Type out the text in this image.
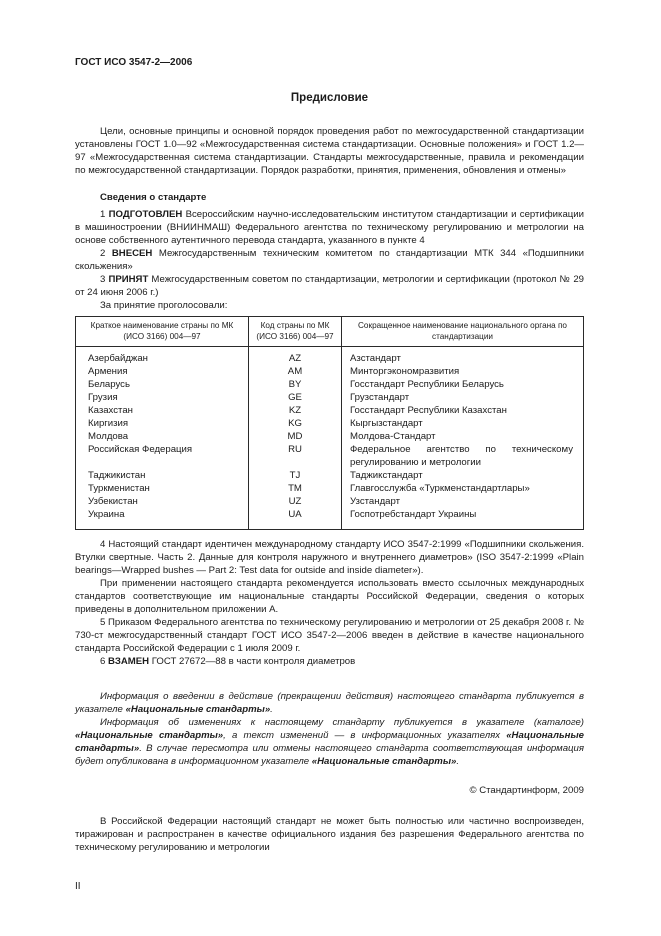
ГОСТ ИСО 3547-2—2006
Предисловие

Цели, основные принципы и основной порядок проведения работ по межгосударственной стандартизации установлены ГОСТ 1.0—92 «Межгосударственная система стандартизации. Основные положения» и ГОСТ 1.2—97 «Межгосударственная система стандартизации. Стандарты межгосударственные, правила и рекомендации по межгосударственной стандартизации. Порядок разработки, принятия, применения, обновления и отмены»

Сведения о стандарте

1 ПОДГОТОВЛЕН Всероссийским научно-исследовательским институтом стандартизации и сертификации в машиностроении (ВНИИНМАШ) Федерального агентства по техническому регулированию и метрологии на основе собственного аутентичного перевода стандарта, указанного в пункте 4

2 ВНЕСЕН Межгосударственным техническим комитетом по стандартизации МТК 344 «Подшипники скольжения»

3 ПРИНЯТ Межгосударственным советом по стандартизации, метрологии и сертификации (протокол № 29 от 24 июня 2006 г.)

За принятие проголосовали:

Краткое наименование страны по МК (ИСО 3166) 004—97	Код страны по МК (ИСО 3166) 004—97	Сокращенное наименование национального органа по стандартизации
Азербайджан	AZ	Азстандарт
Армения	AM	Минторгэкономразвития
Беларусь	BY	Госстандарт Республики Беларусь
Грузия	GE	Грузстандарт
Казахстан	KZ	Госстандарт Республики Казахстан
Киргизия	KG	Кыргызстандарт
Молдова	MD	Молдова-Стандарт
Российская Федерация	RU	Федеральное агентство по техническому регулированию и метрологии
Таджикистан	TJ	Таджикстандарт
Туркменистан	TM	Главгосслужба «Туркменстандартлары»
Узбекистан	UZ	Узстандарт
Украина	UA	Госпотребстандарт Украины

4 Настоящий стандарт идентичен международному стандарту ИСО 3547-2:1999 «Подшипники скольжения. Втулки свертные. Часть 2. Данные для контроля наружного и внутреннего диаметров» (ISO 3547-2:1999 «Plain bearings—Wrapped bushes — Part 2: Test data for outside and inside diameter»).

При применении настоящего стандарта рекомендуется использовать вместо ссылочных международных стандартов соответствующие им национальные стандарты Российской Федерации, сведения о которых приведены в дополнительном приложении А.

5 Приказом Федерального агентства по техническому регулированию и метрологии от 25 декабря 2008 г. № 730-ст межгосударственный стандарт ГОСТ ИСО 3547-2—2006 введен в действие в качестве национального стандарта Российской Федерации с 1 июля 2009 г.

6 ВЗАМЕН ГОСТ 27672—88 в части контроля диаметров

Информация о введении в действие (прекращении действия) настоящего стандарта публикуется в указателе «Национальные стандарты».

Информация об изменениях к настоящему стандарту публикуется в указателе (каталоге) «Национальные стандарты», а текст изменений — в информационных указателях «Национальные стандарты». В случае пересмотра или отмены настоящего стандарта соответствующая информация будет опубликована в информационном указателе «Национальные стандарты».

© Стандартинформ, 2009

В Российской Федерации настоящий стандарт не может быть полностью или частично воспроизведен, тиражирован и распространен в качестве официального издания без разрешения Федерального агентства по техническому регулированию и метрологии

II
